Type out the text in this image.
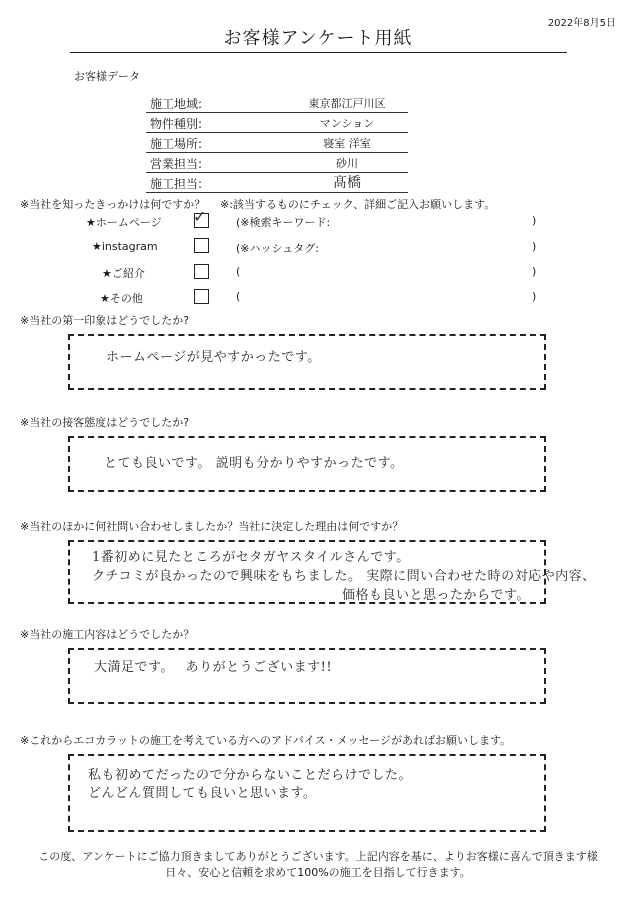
2022年8月5日
お客様アンケート用紙
お客様データ
施工地域:	東京都江戸川区
物件種別:	マンション
施工場所:	寝室 洋室
営業担当:	砂川
施工担当:	髙橋
※当社を知ったきっかけは何ですか？ ※:該当するものにチェック、詳細ご記入お願いします。
★ホームページ ✓	(※検索キーワード:	)
★instagram	(※ハッシュタグ:	)
★ご紹介	(	)
★その他	(	)
※当社の第一印象はどうでしたか?
ホームページが見やすかったです。
※当社の接客態度はどうでしたか?
とても良いです。 説明も分かりやすかったです。
※当社のほかに何社問い合わせしましたか？当社に決定した理由は何ですか？
1番初めに見たところがセタガヤスタイルさんです。
クチコミが良かったので興味をもちました。 実際に問い合わせた時の対応や内容、
価格も良いと思ったからです。
※当社の施工内容はどうでしたか？
大満足です。　 ありがとうございます!!
※これからエコカラットの施工を考えている方へのアドバイス・メッセージがあればお願いします。
私も初めてだったので分からないことだらけでした。
どんどん質問しても良いと思います。
この度、アンケートにご協力頂きましてありがとうございます。上記内容を基に、よりお客様に喜んで頂きます様
日々、安心と信頼を求めて100%の施工を目指して行きます。
